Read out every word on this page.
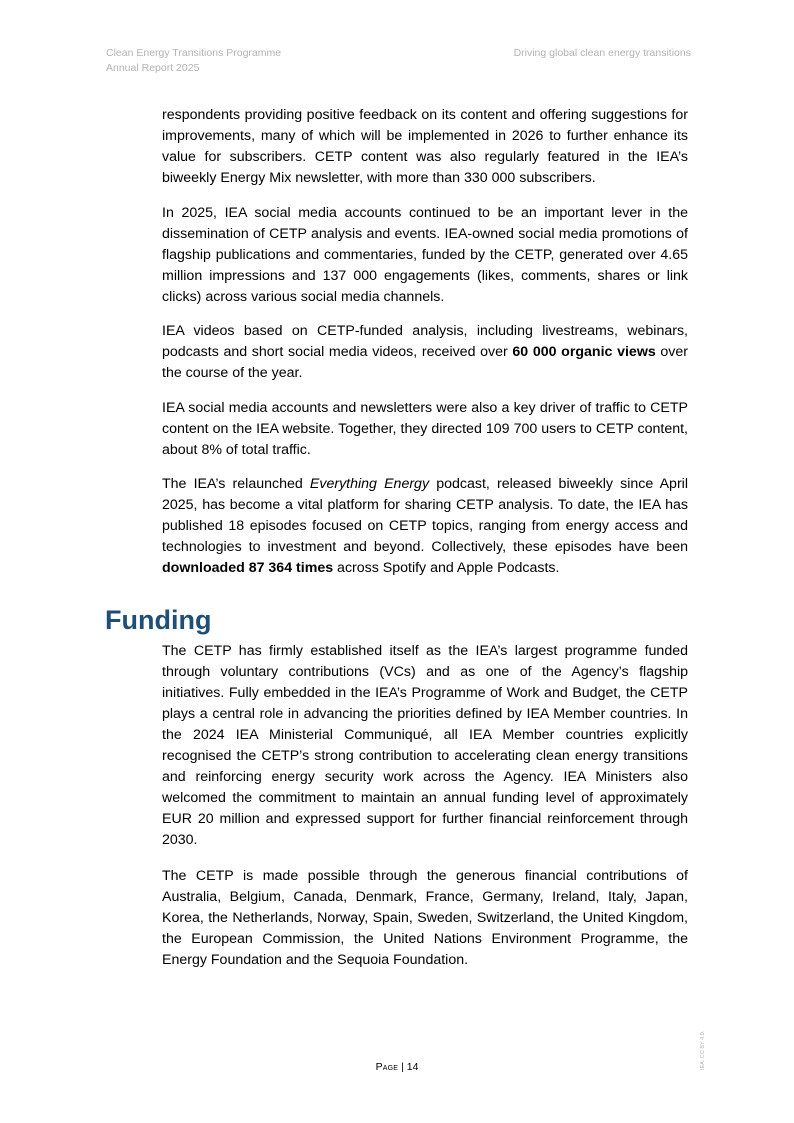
Clean Energy Transitions Programme
Annual Report 2025
Driving global clean energy transitions

respondents providing positive feedback on its content and offering suggestions for improvements, many of which will be implemented in 2026 to further enhance its value for subscribers. CETP content was also regularly featured in the IEA’s biweekly Energy Mix newsletter, with more than 330 000 subscribers.

In 2025, IEA social media accounts continued to be an important lever in the dissemination of CETP analysis and events. IEA-owned social media promotions of flagship publications and commentaries, funded by the CETP, generated over 4.65 million impressions and 137 000 engagements (likes, comments, shares or link clicks) across various social media channels.

IEA videos based on CETP-funded analysis, including livestreams, webinars, podcasts and short social media videos, received over 60 000 organic views over the course of the year.

IEA social media accounts and newsletters were also a key driver of traffic to CETP content on the IEA website. Together, they directed 109 700 users to CETP content, about 8% of total traffic.

The IEA’s relaunched Everything Energy podcast, released biweekly since April 2025, has become a vital platform for sharing CETP analysis. To date, the IEA has published 18 episodes focused on CETP topics, ranging from energy access and technologies to investment and beyond. Collectively, these episodes have been downloaded 87 364 times across Spotify and Apple Podcasts.

Funding

The CETP has firmly established itself as the IEA’s largest programme funded through voluntary contributions (VCs) and as one of the Agency’s flagship initiatives. Fully embedded in the IEA’s Programme of Work and Budget, the CETP plays a central role in advancing the priorities defined by IEA Member countries. In the 2024 IEA Ministerial Communiqué, all IEA Member countries explicitly recognised the CETP’s strong contribution to accelerating clean energy transitions and reinforcing energy security work across the Agency. IEA Ministers also welcomed the commitment to maintain an annual funding level of approximately EUR 20 million and expressed support for further financial reinforcement through 2030.

The CETP is made possible through the generous financial contributions of Australia, Belgium, Canada, Denmark, France, Germany, Ireland, Italy, Japan, Korea, the Netherlands, Norway, Spain, Sweden, Switzerland, the United Kingdom, the European Commission, the United Nations Environment Programme, the Energy Foundation and the Sequoia Foundation.

Page | 14	IEA. CC BY 4.0.
